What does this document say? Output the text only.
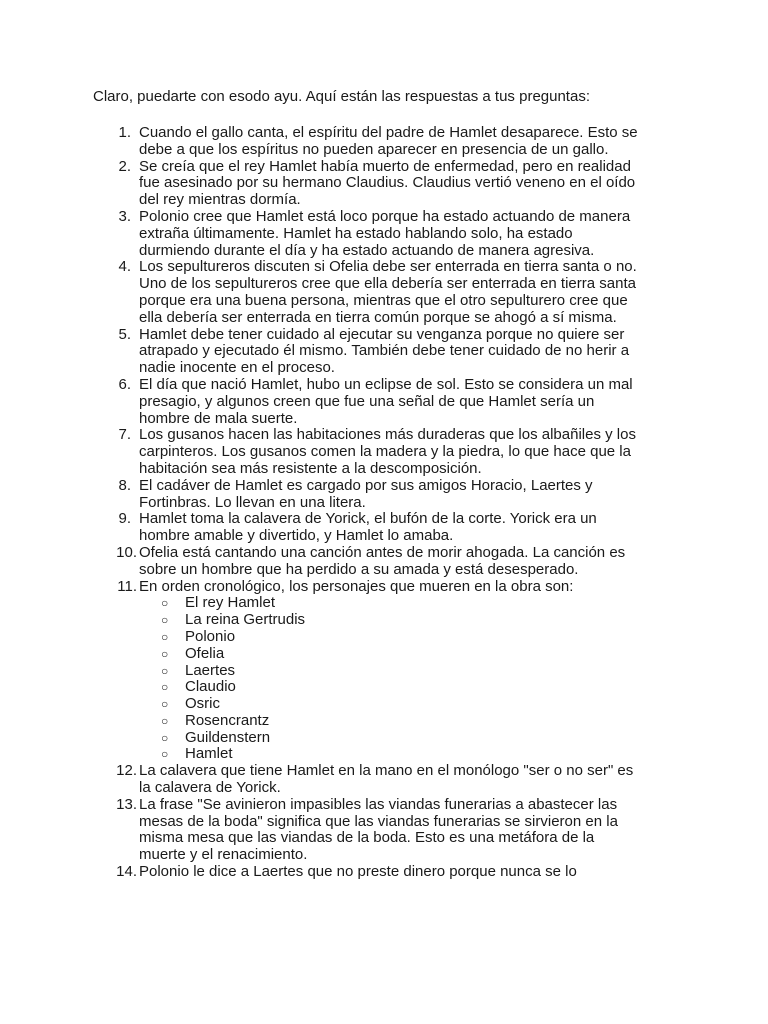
Claro, puedarte con esodo ayu. Aquí están las respuestas a tus preguntas:
1. Cuando el gallo canta, el espíritu del padre de Hamlet desaparece. Esto se debe a que los espíritus no pueden aparecer en presencia de un gallo.
2. Se creía que el rey Hamlet había muerto de enfermedad, pero en realidad fue asesinado por su hermano Claudius. Claudius vertió veneno en el oído del rey mientras dormía.
3. Polonio cree que Hamlet está loco porque ha estado actuando de manera extraña últimamente. Hamlet ha estado hablando solo, ha estado durmiendo durante el día y ha estado actuando de manera agresiva.
4. Los sepultureros discuten si Ofelia debe ser enterrada en tierra santa o no. Uno de los sepultureros cree que ella debería ser enterrada en tierra santa porque era una buena persona, mientras que el otro sepulturero cree que ella debería ser enterrada en tierra común porque se ahogó a sí misma.
5. Hamlet debe tener cuidado al ejecutar su venganza porque no quiere ser atrapado y ejecutado él mismo. También debe tener cuidado de no herir a nadie inocente en el proceso.
6. El día que nació Hamlet, hubo un eclipse de sol. Esto se considera un mal presagio, y algunos creen que fue una señal de que Hamlet sería un hombre de mala suerte.
7. Los gusanos hacen las habitaciones más duraderas que los albañiles y los carpinteros. Los gusanos comen la madera y la piedra, lo que hace que la habitación sea más resistente a la descomposición.
8. El cadáver de Hamlet es cargado por sus amigos Horacio, Laertes y Fortinbras. Lo llevan en una litera.
9. Hamlet toma la calavera de Yorick, el bufón de la corte. Yorick era un hombre amable y divertido, y Hamlet lo amaba.
10. Ofelia está cantando una canción antes de morir ahogada. La canción es sobre un hombre que ha perdido a su amada y está desesperado.
11. En orden cronológico, los personajes que mueren en la obra son:
○ El rey Hamlet
○ La reina Gertrudis
○ Polonio
○ Ofelia
○ Laertes
○ Claudio
○ Osric
○ Rosencrantz
○ Guildenstern
○ Hamlet
12. La calavera que tiene Hamlet en la mano en el monólogo "ser o no ser" es la calavera de Yorick.
13. La frase "Se avinieron impasibles las viandas funerarias a abastecer las mesas de la boda" significa que las viandas funerarias se sirvieron en la misma mesa que las viandas de la boda. Esto es una metáfora de la muerte y el renacimiento.
14. Polonio le dice a Laertes que no preste dinero porque nunca se lo
